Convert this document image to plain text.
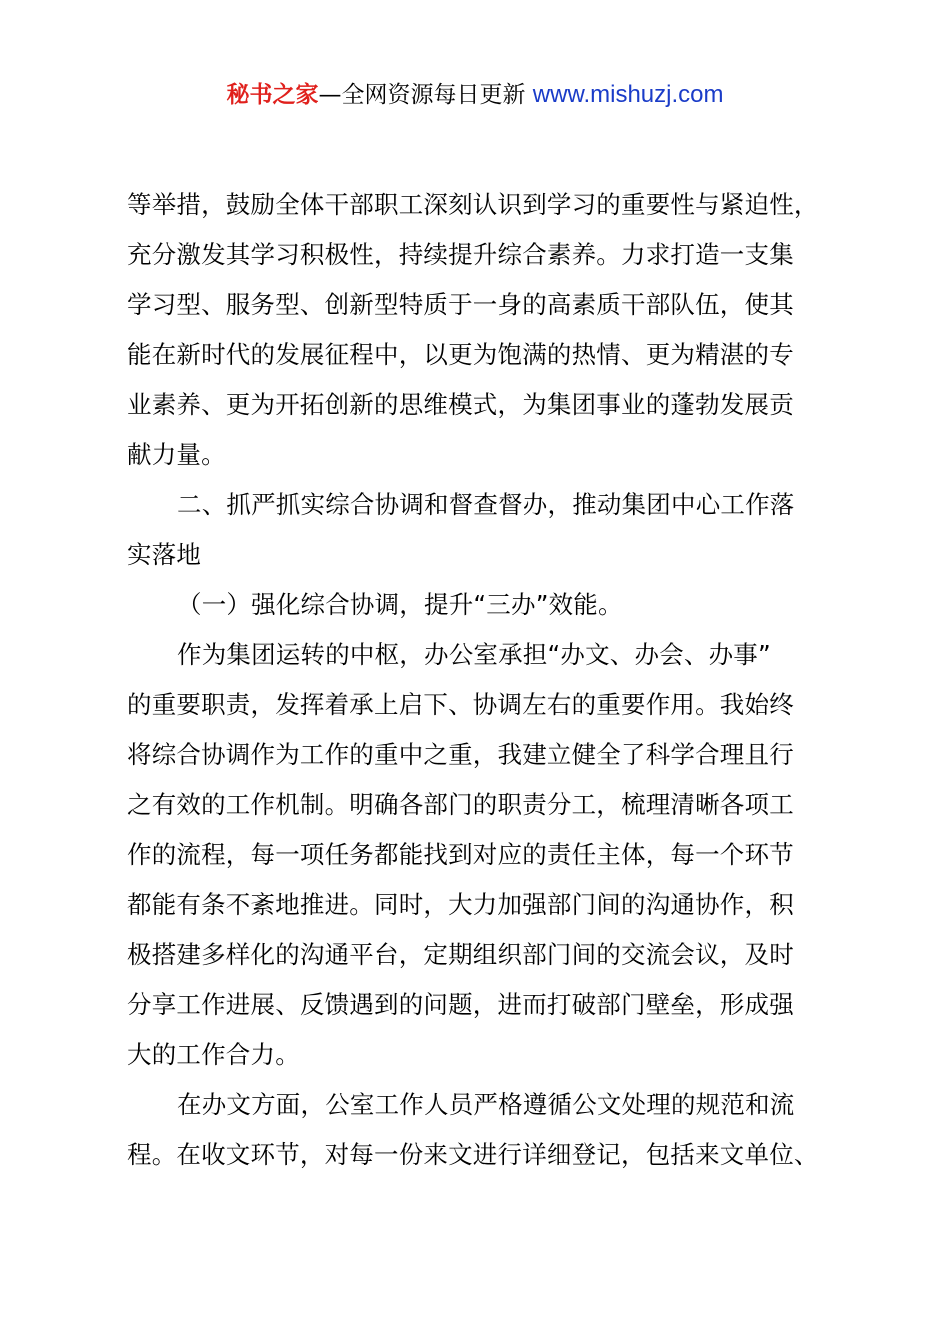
秘书之家—全网资源每日更新 www.mishuzj.com

等举措，鼓励全体干部职工深刻认识到学习的重要性与紧迫性，

充分激发其学习积极性，持续提升综合素养。力求打造一支集

学习型、服务型、创新型特质于一身的高素质干部队伍，使其

能在新时代的发展征程中，以更为饱满的热情、更为精湛的专

业素养、更为开拓创新的思维模式，为集团事业的蓬勃发展贡

献力量。

二、抓严抓实综合协调和督查督办，推动集团中心工作落

实落地

（一）强化综合协调，提升“三办”效能。

作为集团运转的中枢，办公室承担“办文、办会、办事”

的重要职责，发挥着承上启下、协调左右的重要作用。我始终

将综合协调作为工作的重中之重，我建立健全了科学合理且行

之有效的工作机制。明确各部门的职责分工，梳理清晰各项工

作的流程，每一项任务都能找到对应的责任主体，每一个环节

都能有条不紊地推进。同时，大力加强部门间的沟通协作，积

极搭建多样化的沟通平台，定期组织部门间的交流会议，及时

分享工作进展、反馈遇到的问题，进而打破部门壁垒，形成强

大的工作合力。

在办文方面，公室工作人员严格遵循公文处理的规范和流

程。在收文环节，对每一份来文进行详细登记，包括来文单位、
